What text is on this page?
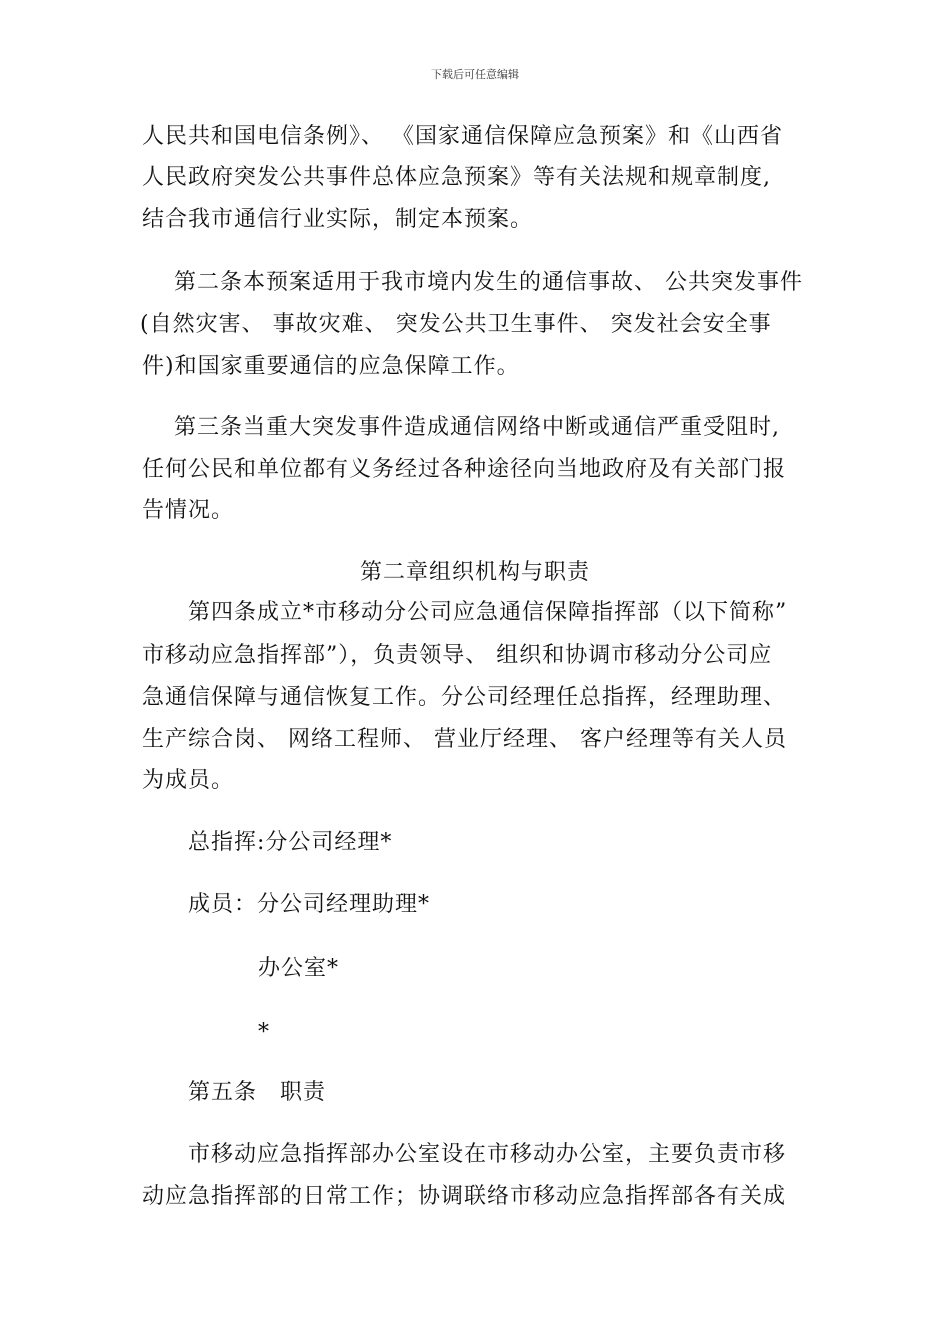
下载后可任意编辑
人民共和国电信条例》、 《国家通信保障应急预案》和《山西省
人民政府突发公共事件总体应急预案》等有关法规和规章制度,
结合我市通信行业实际，制定本预案。
第二条本预案适用于我市境内发生的通信事故、 公共突发事件
(自然灾害、 事故灾难、 突发公共卫生事件、 突发社会安全事
件)和国家重要通信的应急保障工作。
第三条当重大突发事件造成通信网络中断或通信严重受阻时,
任何公民和单位都有义务经过各种途径向当地政府及有关部门报
告情况。
第二章组织机构与职责
第四条成立*市移动分公司应急通信保障指挥部（以下简称”
市移动应急指挥部”），负责领导、 组织和协调市移动分公司应
急通信保障与通信恢复工作。分公司经理任总指挥，经理助理、
生产综合岗、 网络工程师、 营业厅经理、 客户经理等有关人员
为成员。
总指挥:分公司经理*
成员：分公司经理助理*
办公室*
*
第五条　职责
市移动应急指挥部办公室设在市移动办公室，主要负责市移
动应急指挥部的日常工作；协调联络市移动应急指挥部各有关成
